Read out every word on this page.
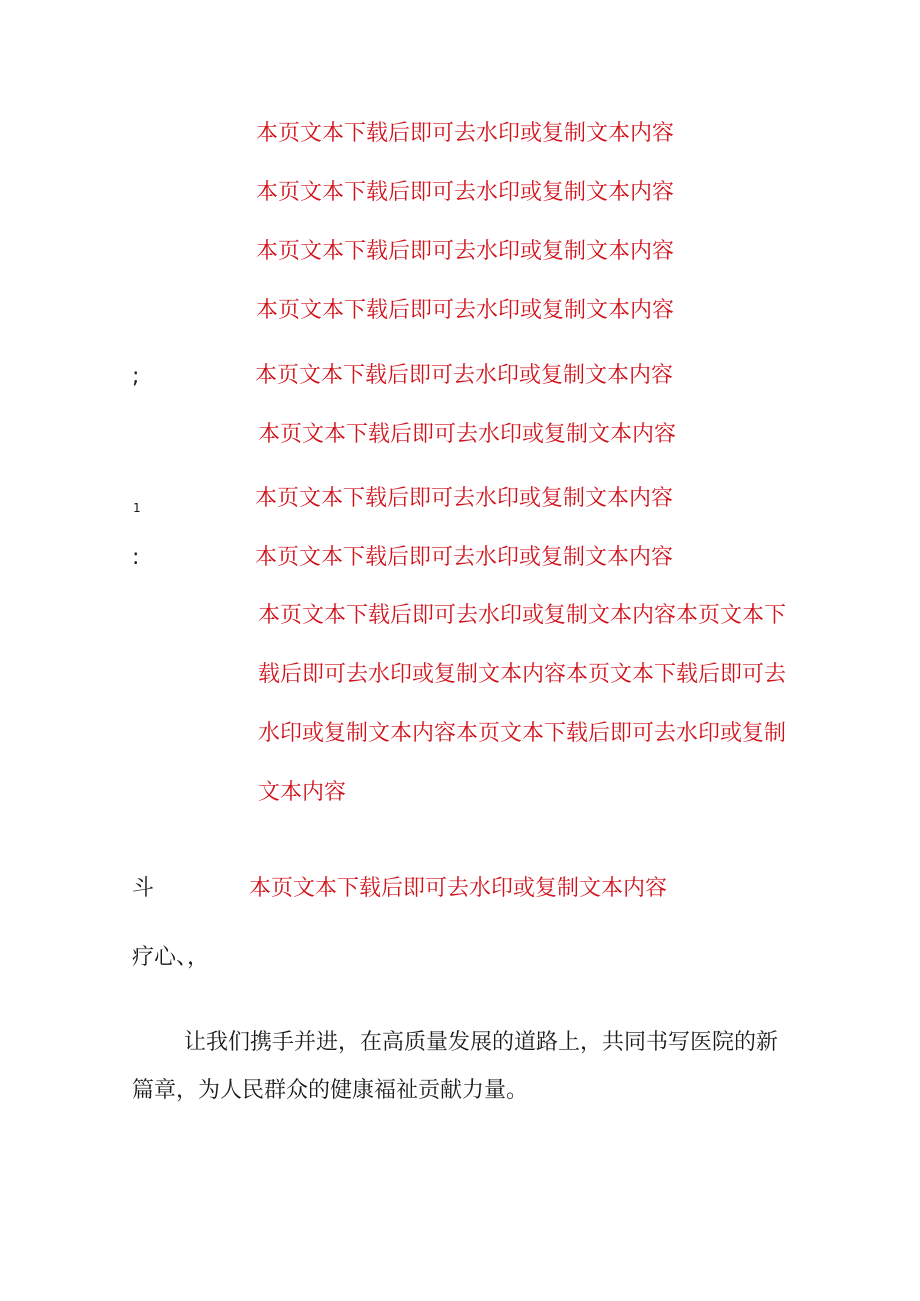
本页文本下载后即可去水印或复制文本内容
本页文本下载后即可去水印或复制文本内容
本页文本下载后即可去水印或复制文本内容
本页文本下载后即可去水印或复制文本内容
;	本页文本下载后即可去水印或复制文本内容
本页文本下载后即可去水印或复制文本内容
1	本页文本下载后即可去水印或复制文本内容
:	本页文本下载后即可去水印或复制文本内容
本页文本下载后即可去水印或复制文本内容本页文本下载后即可去水印或复制文本内容本页文本下载后即可去水印或复制文本内容本页文本下载后即可去水印或复制文本内容
斗	本页文本下载后即可去水印或复制文本内容
疗心、，
让我们携手并进，在高质量发展的道路上，共同书写医院的新篇章，为人民群众的健康福祉贡献力量。
